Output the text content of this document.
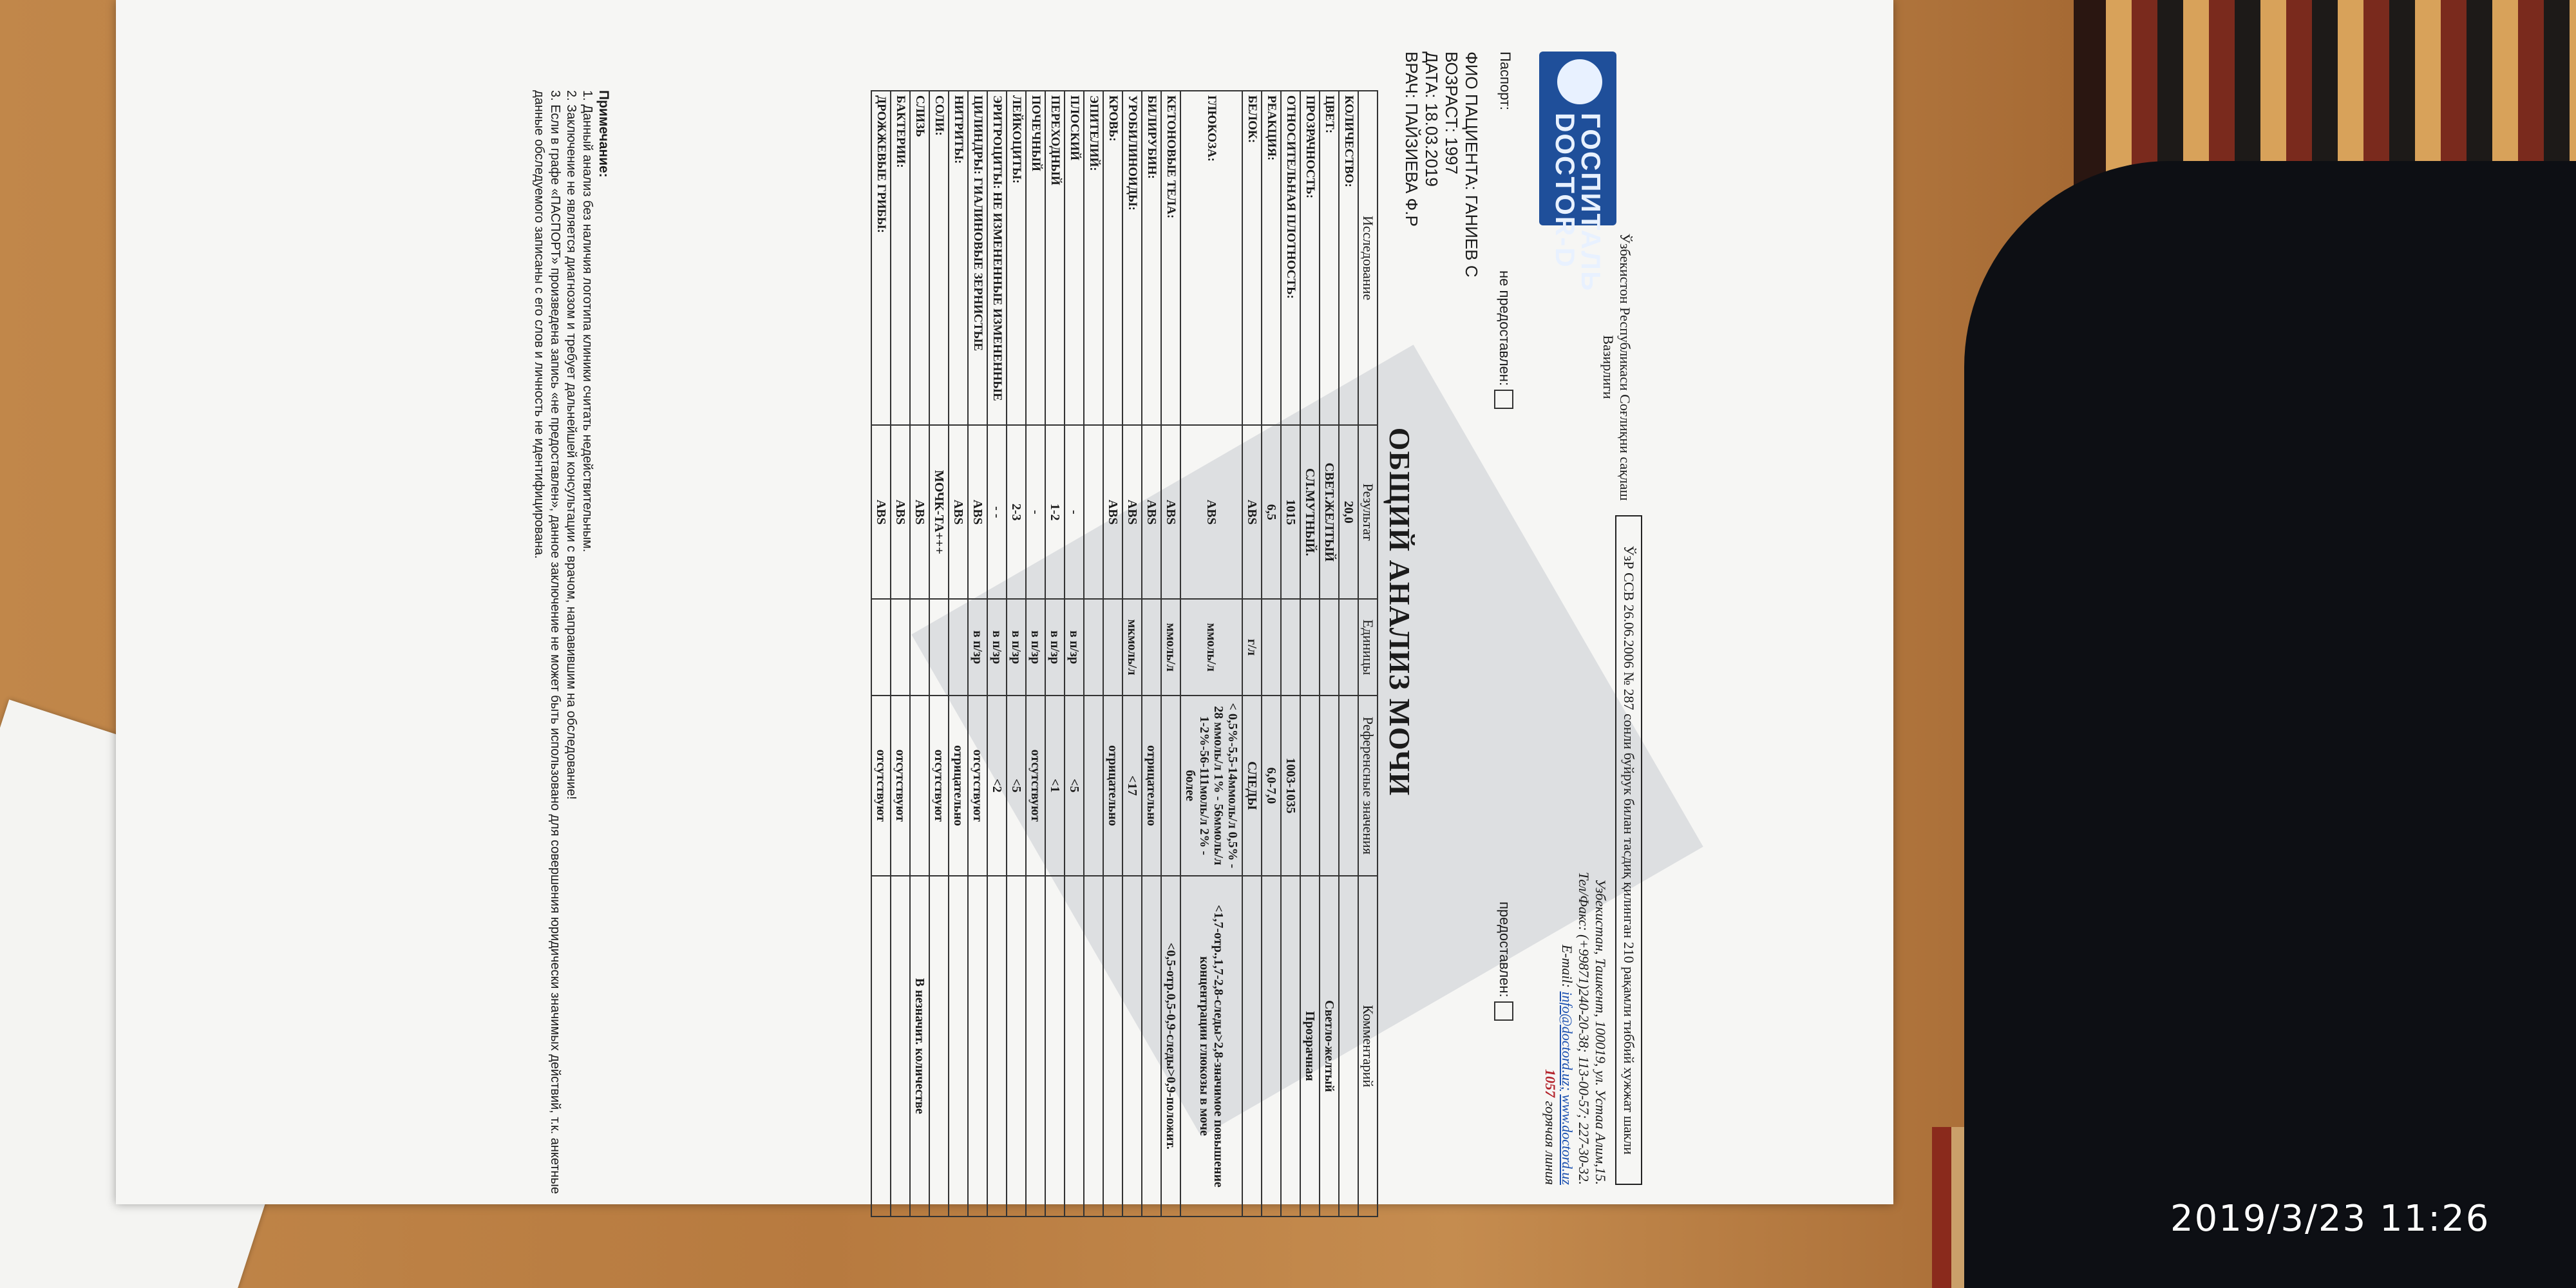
ГОСПИТАЛЬ
DOCTOR-D
Ўзбекистон Республикаси Соғлиқни сақлаш Вазирлиги
ЎзР ССВ 26.06.2006 № 287 сонли буйрук билан тасдиқ қилинган 210 рақамли тиббий хужжат шакли
Узбекистан, Ташкент, 100019, ул. Устаа Алим,15.
Тел/Факс: (+99871)240-20-38; 113-00-57; 227-30-32.
E-mail: info@doctord.uz; www.doctord.uz
1057 горячая линия
Паспорт:
не предоставлен:
предоставлен:
ФИО ПАЦИЕНТА: ГАНИЕВ С
ВОЗРАСТ: 1997
ДАТА: 18.03.2019
ВРАЧ: ПАЙЗИЕВА Ф.Р
ОБЩИЙ АНАЛИЗ МОЧИ
Исследование	Результат	Единицы	Референсные значения	Комментарий
КОЛИЧЕСТВО:	20,0			
ЦВЕТ:	СВЕТ.ЖЕЛТЫЙ			Светло-желтый
ПРОЗРАЧНОСТЬ:	СЛ.МУТНЫЙ.			Прозрачная
ОТНОСИТЕЛЬНАЯ ПЛОТНОСТЬ:	1015		1003-1035	
РЕАКЦИЯ:	6,5		6,0-7,0	
БЕЛОК:	ABS	г/л	СЛЕДЫ	
ГЛЮКОЗА:	ABS	ммоль/л	< 0,5%-5,5-14ммоль/л 0,5% - 28 ммоль/л 1% - 56ммоль/л 1-2%-56-111моль/л 2% - более	<1,7-отр.,1,7-2,8-следы>2,8-значимое повышение концентрации глюкозы в моче
КЕТОНОВЫЕ ТЕЛА:	ABS	ммоль/л		<0,5-отр.0,5-0,9-следы>0,9-положит.
БИЛИРУБИН:	ABS		отрицательно	
УРОБИЛИНОИДЫ:	ABS	мкмоль/л	<17	
КРОВЬ:	ABS		отрицательно	
ЭПИТЕЛИЙ:				
ПЛОСКИЙ	-	в п/зр	<5	
ПЕРЕХОДНЫЙ	1-2	в п/зр	<1	
ПОЧЕЧНЫЙ	-	в п/зр	отсутствуют	
ЛЕЙКОЦИТЫ:	2-3	в п/зр	<5	
ЭРИТРОЦИТЫ: НЕ ИЗМЕНЕННЫЕ ИЗМЕНЕННЫЕ	- -	в п/зр	<2	
ЦИЛИНДРЫ: ГИАЛИНОВЫЕ ЗЕРНИСТЫЕ	ABS	в п/зр	отсутствуют	
НИТРИТЫ:	ABS		отрицательно	
СОЛИ:	МОЧК-ТА+++		отсутствуют	
СЛИЗЬ	ABS			В незначит. количестве
БАКТЕРИИ:	ABS		отсутствуют	
ДРОЖЖЕВЫЕ ГРИБЫ:	ABS		отсутствуют	
Примечание:
1. Данный анализ без наличия логотипа клиники считать недействительным.
2. Заключение не является диагнозом и требует дальнейшей консультации с врачом, направившим на обследование!
3. Если в графе «ПАСПОРТ» произведена запись «не предоставлен», данное заключение не может быть использовано для совершения юридически значимых действий, т.к. анкетные данные обследуемого записаны с его слов и личность не идентифицирована.
2019/3/23 11:26
